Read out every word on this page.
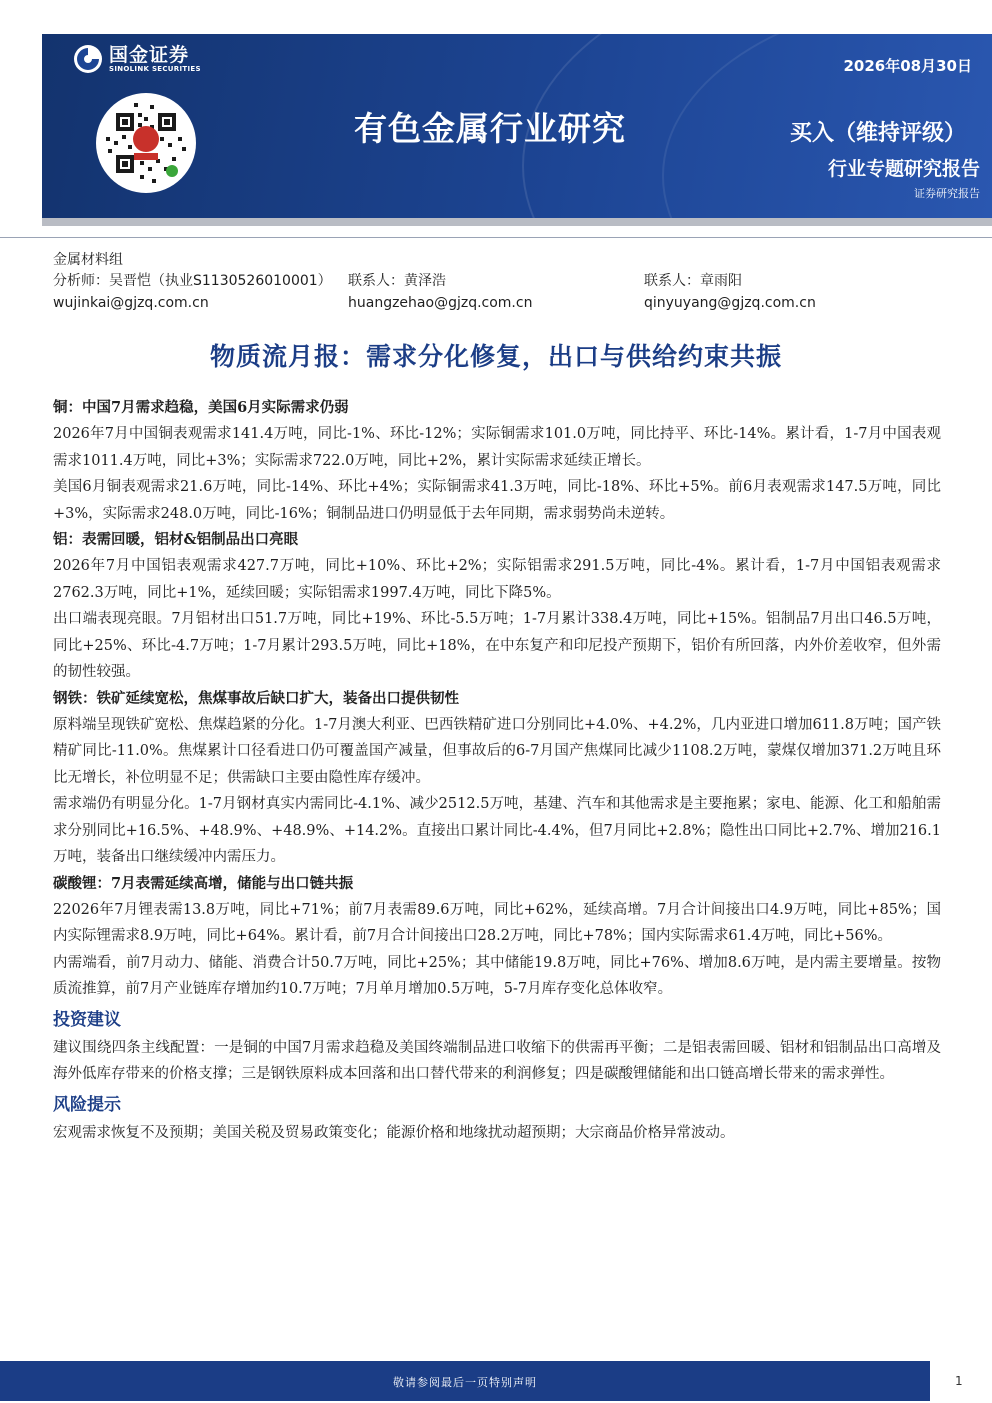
国金证券
SINOLINK SECURITIES	2026年08月30日
有色金属行业研究	买入（维持评级）
行业专题研究报告
证券研究报告
金属材料组
分析师：吴晋恺（执业S1130526010001）
wujinkai@gjzq.com.cn
联系人：黄泽浩
huangzehao@gjzq.com.cn
联系人：章雨阳
qinyuyang@gjzq.com.cn
物质流月报：需求分化修复，出口与供给约束共振

铜：中国7月需求趋稳，美国6月实际需求仍弱

2026年7月中国铜表观需求141.4万吨，同比-1%、环比-12%；实际铜需求101.0万吨，同比持平、环比-14%。累计看，1-7月中国表观需求1011.4万吨，同比+3%；实际需求722.0万吨，同比+2%，累计实际需求延续正增长。

美国6月铜表观需求21.6万吨，同比-14%、环比+4%；实际铜需求41.3万吨，同比-18%、环比+5%。前6月表观需求147.5万吨，同比+3%，实际需求248.0万吨，同比-16%；铜制品进口仍明显低于去年同期，需求弱势尚未逆转。

铝：表需回暖，铝材&铝制品出口亮眼

2026年7月中国铝表观需求427.7万吨，同比+10%、环比+2%；实际铝需求291.5万吨，同比-4%。累计看，1-7月中国铝表观需求2762.3万吨，同比+1%，延续回暖；实际铝需求1997.4万吨，同比下降5%。

出口端表现亮眼。7月铝材出口51.7万吨，同比+19%、环比-5.5万吨；1-7月累计338.4万吨，同比+15%。铝制品7月出口46.5万吨，同比+25%、环比-4.7万吨；1-7月累计293.5万吨，同比+18%，在中东复产和印尼投产预期下，铝价有所回落，内外价差收窄，但外需的韧性较强。

钢铁：铁矿延续宽松，焦煤事故后缺口扩大，装备出口提供韧性

原料端呈现铁矿宽松、焦煤趋紧的分化。1-7月澳大利亚、巴西铁精矿进口分别同比+4.0%、+4.2%，几内亚进口增加611.8万吨；国产铁精矿同比-11.0%。焦煤累计口径看进口仍可覆盖国产减量，但事故后的6-7月国产焦煤同比减少1108.2万吨，蒙煤仅增加371.2万吨且环比无增长，补位明显不足；供需缺口主要由隐性库存缓冲。

需求端仍有明显分化。1-7月钢材真实内需同比-4.1%、减少2512.5万吨，基建、汽车和其他需求是主要拖累；家电、能源、化工和船舶需求分别同比+16.5%、+48.9%、+48.9%、+14.2%。直接出口累计同比-4.4%，但7月同比+2.8%；隐性出口同比+2.7%、增加216.1万吨，装备出口继续缓冲内需压力。

碳酸锂：7月表需延续高增，储能与出口链共振

22026年7月锂表需13.8万吨，同比+71%；前7月表需89.6万吨，同比+62%，延续高增。7月合计间接出口4.9万吨，同比+85%；国内实际锂需求8.9万吨，同比+64%。累计看，前7月合计间接出口28.2万吨，同比+78%；国内实际需求61.4万吨，同比+56%。

内需端看，前7月动力、储能、消费合计50.7万吨，同比+25%；其中储能19.8万吨，同比+76%、增加8.6万吨，是内需主要增量。按物质流推算，前7月产业链库存增加约10.7万吨；7月单月增加0.5万吨，5-7月库存变化总体收窄。

投资建议

建议围绕四条主线配置：一是铜的中国7月需求趋稳及美国终端制品进口收缩下的供需再平衡；二是铝表需回暖、铝材和铝制品出口高增及海外低库存带来的价格支撑；三是钢铁原料成本回落和出口替代带来的利润修复；四是碳酸锂储能和出口链高增长带来的需求弹性。

风险提示

宏观需求恢复不及预期；美国关税及贸易政策变化；能源价格和地缘扰动超预期；大宗商品价格异常波动。

敬请参阅最后一页特别声明	1
